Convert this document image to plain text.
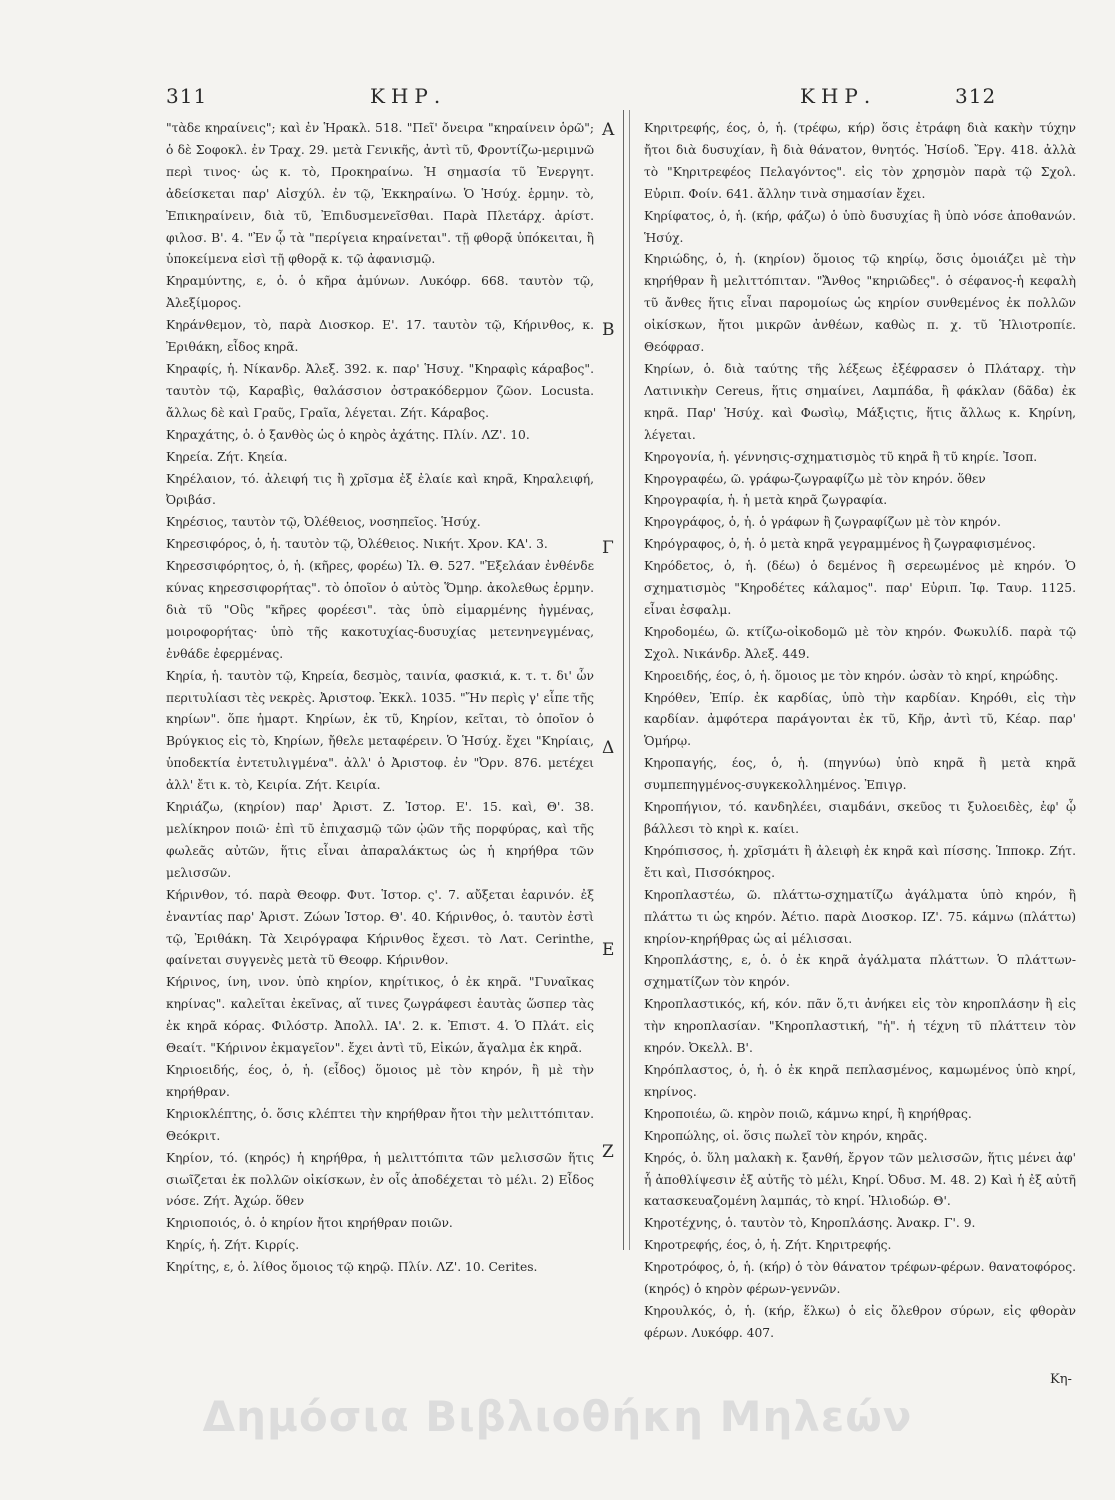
311	ΚΗΡ.	ΚΗΡ.	312
Α
Β
Γ
Δ
Ε
Ζ

"τὰδε κηραίνεις"; καὶ ἐν Ἡρακλ. 518. "Πεῖ' ὄνειρα "κηραίνειν ὁρῶ"; ὁ δὲ Σοφοκλ. ἐν Τραχ. 29. μετὰ Γενικῆς, ἀντὶ τῦ, Φροντίζω-μεριμνῶ περὶ τινος· ὡς κ. τὸ, Προκηραίνω. Ἡ σημασία τῦ Ἐνεργητ. ἀδείσκεται παρ' Αἰσχύλ. ἐν τῷ, Ἐκκηραίνω. Ὁ Ἡσύχ. ἑρμην. τὸ, Ἐπικηραίνειν, διὰ τῦ, Ἐπιδυσμενεῖσθαι. Παρὰ Πλετάρχ. ἀρίστ. φιλοσ. Β'. 4. "Ἐν ᾧ τὰ "περίγεια κηραίνεται". τῇ φθορᾷ ὑπόκειται, ἢ ὑποκείμενα εἰσὶ τῇ φθορᾷ κ. τῷ ἀφανισμῷ.

Κηραμύντης, ε, ὁ. ὁ κῆρα ἀμύνων. Λυκόφρ. 668. ταυτὸν τῷ, Ἀλεξίμορος.

Κηράνθεμον, τὸ, παρὰ Διοσκορ. Ε'. 17. ταυτὸν τῷ, Κήρινθος, κ. Ἐριθάκη, εἶδος κηρᾶ.

Κηραφίς, ἡ. Νίκανδρ. Ἀλεξ. 392. κ. παρ' Ἡσυχ. "Κηραφὶς κάραβος". ταυτὸν τῷ, Καραβὶς, θαλάσσιον ὀστρακόδερμον ζῶον. Locusta. ἄλλως δὲ καὶ Γραῦς, Γραῖα, λέγεται. Ζήτ. Κάραβος.

Κηραχάτης, ὁ. ὁ ξανθὸς ὡς ὁ κηρὸς ἀχάτης. Πλίν. ΛΖ'. 10.

Κηρεία. Ζήτ. Κηεία.

Κηρέλαιον, τό. ἀλειφή τις ἢ χρῖσμα ἐξ ἐλαίε καὶ κηρᾶ, Κηραλειφή, Ὀριβάσ.

Κηρέσιος, ταυτὸν τῷ, Ὀλέθειος, νοσηπεῖος. Ἡσύχ.

Κηρεσιφόρος, ὁ, ἡ. ταυτὸν τῷ, Ὀλέθειος. Νικήτ. Χρον. ΚΑ'. 3.

Κηρεσσιφόρητος, ὁ, ἡ. (κῆρες, φορέω) Ἰλ. Θ. 527. "Ἐξελάαν ἐνθένδε κύνας κηρεσσιφορήτας". τὸ ὁποῖον ὁ αὐτὸς Ὅμηρ. ἀκολεθως ἑρμην. διὰ τῦ "Οὓς "κῆρες φορέεσι". τὰς ὑπὸ εἱμαρμένης ἠγμένας, μοιροφορήτας· ὑπὸ τῆς κακοτυχίας-δυσυχίας μετενηνεγμένας, ἐνθάδε ἐφερμένας.

Κηρία, ἡ. ταυτὸν τῷ, Κηρεία, δεσμὸς, ταινία, φασκιά, κ. τ. τ. δι' ὧν περιτυλίασι τὲς νεκρὲς. Ἀριστοφ. Ἐκκλ. 1035. "Ἤν περὶς γ' εἶπε τῆς κηρίων". ὅπε ἡμαρτ. Κηρίων, ἐκ τῦ, Κηρίον, κεῖται, τὸ ὁποῖον ὁ Βρύγκιος εἰς τὸ, Κηρίων, ἤθελε μεταφέρειν. Ὁ Ἡσύχ. ἔχει "Κηρίαις, ὑποδεκτία ἐντετυλιγμένα". ἀλλ' ὁ Ἀριστοφ. ἐν "Ὀρν. 876. μετέχει ἀλλ' ἔτι κ. τὸ, Κειρία. Ζήτ. Κειρία.

Κηριάζω, (κηρίον) παρ' Ἀριστ. Ζ. Ἱστορ. Ε'. 15. καὶ, Θ'. 38. μελίκηρον ποιῶ· ἐπὶ τῦ ἐπιχασμῷ τῶν ᾠῶν τῆς πορφύρας, καὶ τῆς φωλεᾶς αὐτῶν, ἥτις εἶναι ἀπαραλάκτως ὡς ἡ κηρήθρα τῶν μελισσῶν.

Κήρινθον, τό. παρὰ Θεοφρ. Φυτ. Ἱστορ. ς'. 7. αὔξεται ἐαρινόν. ἐξ ἐναντίας παρ' Ἀριστ. Ζώων Ἱστορ. Θ'. 40. Κήρινθος, ὁ. ταυτὸν ἐστὶ τῷ, Ἐριθάκη. Τὰ Χειρόγραφα Κήρινθος ἔχεσι. τὸ Λατ. Cerinthe, φαίνεται συγγενὲς μετὰ τῦ Θεοφρ. Κήρινθον.

Κήρινος, ίνη, ινον. ὑπὸ κηρίον, κηρίτικος, ὁ ἐκ κηρᾶ. "Γυναῖκας κηρίνας". καλεῖται ἐκεῖνας, αἵ τινες ζωγράφεσι ἑαυτὰς ὥσπερ τὰς ἐκ κηρᾶ κόρας. Φιλόστρ. Ἀπολλ. ΙΑ'. 2. κ. Ἐπιστ. 4. Ὁ Πλάτ. εἰς Θεαίτ. "Κήρινον ἐκμαγεῖον". ἔχει ἀντὶ τῦ, Εἰκών, ἄγαλμα ἐκ κηρᾶ.

Κηριοειδής, έος, ὁ, ἡ. (εἶδος) ὅμοιος μὲ τὸν κηρόν, ἢ μὲ τὴν κηρήθραν.

Κηριοκλέπτης, ὁ. ὅσις κλέπτει τὴν κηρήθραν ἤτοι τὴν μελιττόπιταν. Θεόκριτ.

Κηρίον, τό. (κηρός) ἡ κηρήθρα, ἡ μελιττόπιτα τῶν μελισσῶν ἥτις σιωῖζεται ἐκ πολλῶν οἰκίσκων, ἐν οἷς ἀποδέχεται τὸ μέλι. 2) Εἶδος νόσε. Ζήτ. Ἀχώρ. ὅθεν

Κηριοποιός, ὁ. ὁ κηρίον ἤτοι κηρήθραν ποιῶν.

Κηρίς, ἡ. Ζήτ. Κιρρίς.

Κηρίτης, ε, ὁ. λίθος ὅμοιος τῷ κηρῷ. Πλίν. ΛΖ'. 10. Cerites.

Κηριτρεφής, έος, ὁ, ἡ. (τρέφω, κήρ) ὅσις ἐτράφη διὰ κακὴν τύχην ἤτοι διὰ δυσυχίαν, ἢ διὰ θάνατον, θνητός. Ἡσίοδ. Ἔργ. 418. ἀλλὰ τὸ "Κηριτρεφέος Πελαγόντος". εἰς τὸν χρησμὸν παρὰ τῷ Σχολ. Εὐριπ. Φοίν. 641. ἄλλην τινὰ σημασίαν ἔχει.

Κηρίφατος, ὁ, ἡ. (κήρ, φάζω) ὁ ὑπὸ δυσυχίας ἢ ὑπὸ νόσε ἀποθανών. Ἡσύχ.

Κηριώδης, ὁ, ἡ. (κηρίον) ὅμοιος τῷ κηρίῳ, ὅσις ὁμοιάζει μὲ τὴν κηρήθραν ἢ μελιττόπιταν. "Ἄνθος "κηριῶδες". ὁ σέφανος-ἡ κεφαλὴ τῦ ἄνθες ἥτις εἶναι παρομοίως ὡς κηρίον συνθεμένος ἐκ πολλῶν οἰκίσκων, ἤτοι μικρῶν ἀνθέων, καθὼς π. χ. τῦ Ἡλιοτροπίε. Θεόφρασ.

Κηρίων, ὁ. διὰ ταύτης τῆς λέξεως ἐξέφρασεν ὁ Πλάταρχ. τὴν Λατινικὴν Cereus, ἥτις σημαίνει, Λαμπάδα, ἢ φάκλαν (δᾶδα) ἐκ κηρᾶ. Παρ' Ἡσύχ. καὶ Φωσὶῳ, Μάξιςτις, ἥτις ἄλλως κ. Κηρίνη, λέγεται.

Κηρογονία, ἡ. γέννησις-σχηματισμὸς τῦ κηρᾶ ἢ τῦ κηρίε. Ἰσοπ.

Κηρογραφέω, ῶ. γράφω-ζωγραφίζω μὲ τὸν κηρόν. ὅθεν

Κηρογραφία, ἡ. ἡ μετὰ κηρᾶ ζωγραφία.

Κηρογράφος, ὁ, ἡ. ὁ γράφων ἢ ζωγραφίζων μὲ τὸν κηρόν.

Κηρόγραφος, ὁ, ἡ. ὁ μετὰ κηρᾶ γεγραμμένος ἢ ζωγραφισμένος.

Κηρόδετος, ὁ, ἡ. (δέω) ὁ δεμένος ἢ σερεωμένος μὲ κηρόν. Ὁ σχηματισμὸς "Κηροδέτες κάλαμος". παρ' Εὐριπ. Ἰφ. Ταυρ. 1125. εἶναι ἐσφαλμ.

Κηροδομέω, ῶ. κτίζω-οἰκοδομῶ μὲ τὸν κηρόν. Φωκυλίδ. παρὰ τῷ Σχολ. Νικάνδρ. Ἀλεξ. 449.

Κηροειδής, έος, ὁ, ἡ. ὅμοιος με τὸν κηρόν. ὡσὰν τὸ κηρί, κηρώδης.

Κηρόθεν, Ἐπίρ. ἐκ καρδίας, ὑπὸ τὴν καρδίαν. Κηρόθι, εἰς τὴν καρδίαν. ἀμφότερα παράγονται ἐκ τῦ, Κῆρ, ἀντὶ τῦ, Κέαρ. παρ' Ὁμήρῳ.

Κηροπαγής, έος, ὁ, ἡ. (πηγνύω) ὑπὸ κηρᾶ ἢ μετὰ κηρᾶ συμπεπηγμένος-συγκεκολλημένος. Ἐπιγρ.

Κηροπήγιον, τό. κανδηλέει, σιαμδάνι, σκεῦος τι ξυλοειδὲς, ἐφ' ᾧ βάλλεσι τὸ κηρὶ κ. καίει.

Κηρόπισσος, ἡ. χρῖσμάτι ἢ ἀλειφὴ ἐκ κηρᾶ καὶ πίσσης. Ἱπποκρ. Ζήτ. ἔτι καὶ, Πισσόκηρος.

Κηροπλαστέω, ῶ. πλάττω-σχηματίζω ἀγάλματα ὑπὸ κηρόν, ἢ πλάττω τι ὡς κηρόν. Ἀέτιο. παρὰ Διοσκορ. ΙΖ'. 75. κάμνω (πλάττω) κηρίον-κηρήθρας ὡς αἱ μέλισσαι.

Κηροπλάστης, ε, ὁ. ὁ ἐκ κηρᾶ ἀγάλματα πλάττων. Ὁ πλάττων-σχηματίζων τὸν κηρόν.

Κηροπλαστικός, κή, κόν. πᾶν ὅ,τι ἀνήκει εἰς τὸν κηροπλάσην ἢ εἰς τὴν κηροπλασίαν. "Κηροπλαστική, "ἡ". ἡ τέχνη τῦ πλάττειν τὸν κηρόν. Ὀκελλ. Β'.

Κηρόπλαστος, ὁ, ἡ. ὁ ἐκ κηρᾶ πεπλασμένος, καμωμένος ὑπὸ κηρί, κηρίνος.

Κηροποιέω, ῶ. κηρὸν ποιῶ, κάμνω κηρί, ἢ κηρήθρας.

Κηροπώλης, οἱ. ὅσις πωλεῖ τὸν κηρόν, κηρᾶς.

Κηρός, ὁ. ὕλη μαλακὴ κ. ξανθή, ἔργον τῶν μελισσῶν, ἥτις μένει ἀφ' ἧ ἀποθλίψεσιν ἐξ αὐτῆς τὸ μέλι, Κηρί. Ὀδυσ. Μ. 48. 2) Καὶ ἡ ἐξ αὐτῆ κατασκευαζομένη λαμπάς, τὸ κηρί. Ἡλιοδώρ. Θ'.

Κηροτέχνης, ὁ. ταυτὸν τὸ, Κηροπλάσης. Ἀνακρ. Γ'. 9.

Κηροτρεφής, έος, ὁ, ἡ. Ζήτ. Κηριτρεφής.

Κηροτρόφος, ὁ, ἡ. (κήρ) ὁ τὸν θάνατον τρέφων-φέρων. θανατοφόρος. (κηρός) ὁ κηρὸν φέρων-γεννῶν.

Κηρουλκός, ὁ, ἡ. (κήρ, ἕλκω) ὁ εἰς ὄλεθρον σύρων, εἰς φθορὰν φέρων. Λυκόφρ. 407.

Κη-
Δημόσια Βιβλιοθήκη Μηλεών
